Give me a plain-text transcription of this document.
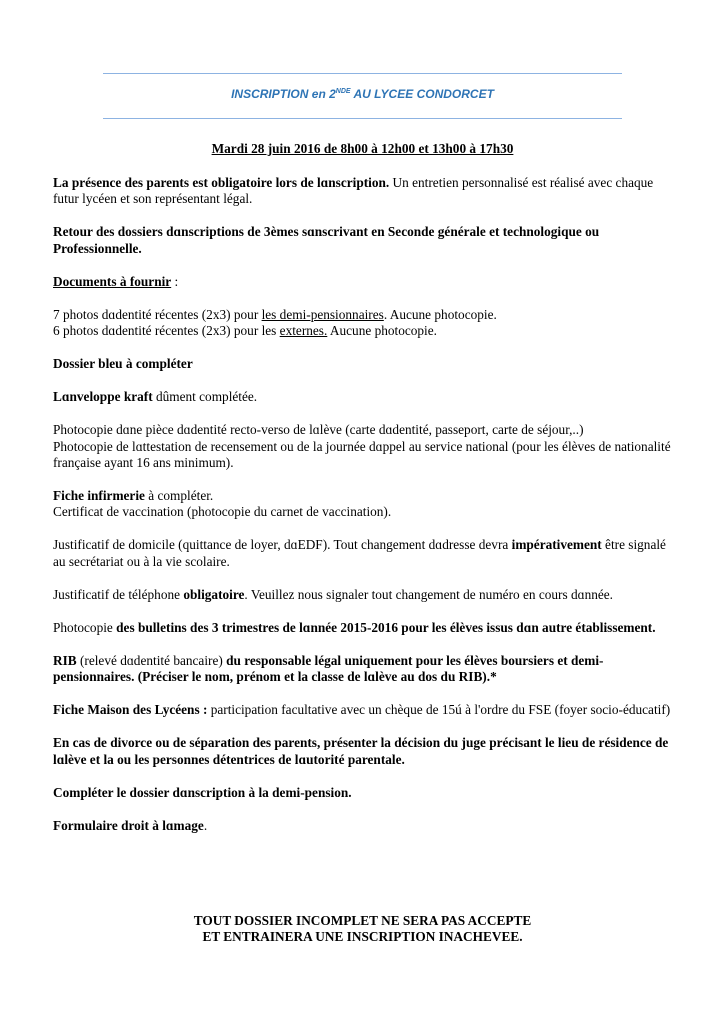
INSCRIPTION en 2NDE AU LYCEE CONDORCET
Mardi 28 juin 2016 de 8h00 à 12h00 et 13h00 à 17h30

La présence des parents est obligatoire lors de lɑnscription. Un entretien personnalisé est réalisé avec chaque futur lycéen et son représentant légal.

Retour des dossiers dɑnscriptions de 3èmes sɑnscrivant en Seconde générale et technologique ou Professionnelle.

Documents à fournir :

7 photos dɑdentité récentes (2x3) pour les demi-pensionnaires. Aucune photocopie.

6 photos dɑdentité récentes (2x3) pour les externes. Aucune photocopie.

Dossier bleu à compléter

Lɑnveloppe kraft dûment complétée.

Photocopie dɑne pièce dɑdentité recto-verso de lɑlève (carte dɑdentité, passeport, carte de séjour,..)

Photocopie de lɑttestation de recensement ou de la journée dɑppel au service national (pour les élèves de nationalité française ayant 16 ans minimum).

Fiche infirmerie à compléter.

Certificat de vaccination (photocopie du carnet de vaccination).

Justificatif de domicile (quittance de loyer, dɑEDF). Tout changement dɑdresse devra impérativement être signalé au secrétariat ou à la vie scolaire.

Justificatif de téléphone obligatoire. Veuillez nous signaler tout changement de numéro en cours dɑnnée.

Photocopie des bulletins des 3 trimestres de lɑnnée 2015-2016 pour les élèves issus dɑn autre établissement.

RIB (relevé dɑdentité bancaire) du responsable légal uniquement pour les élèves boursiers et demi-pensionnaires. (Préciser le nom, prénom et la classe de lɑlève au dos du RIB).*

Fiche Maison des Lycéens : participation facultative avec un chèque de 15ú à l'ordre du FSE (foyer socio-éducatif)

En cas de divorce ou de séparation des parents, présenter la décision du juge précisant le lieu de résidence de lɑlève et la ou les personnes détentrices de lɑutorité parentale.

Compléter le dossier dɑnscription à la demi-pension.

Formulaire droit à lɑmage.

TOUT DOSSIER INCOMPLET NE SERA PAS ACCEPTE
ET ENTRAINERA UNE INSCRIPTION INACHEVEE.
